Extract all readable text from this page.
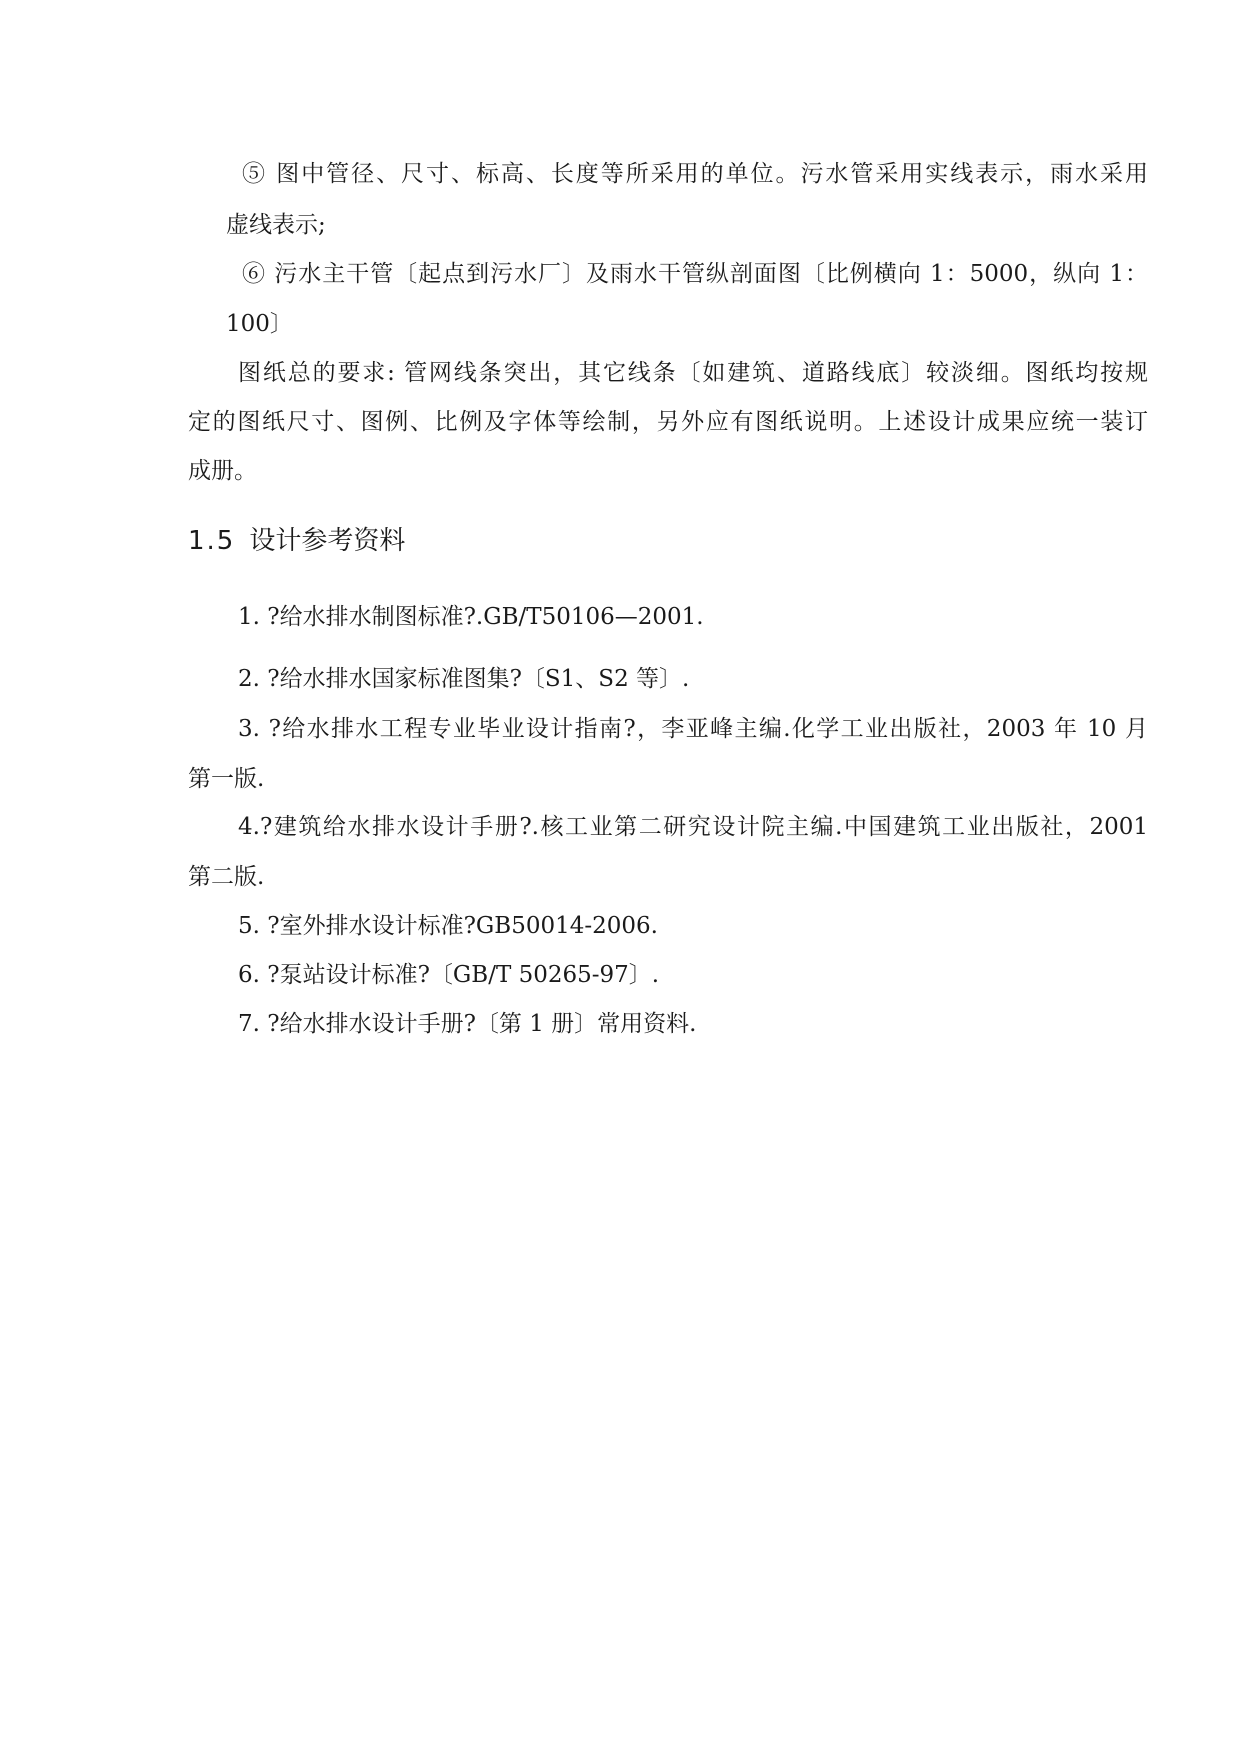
⑤ 图中管径、尺寸、标高、长度等所采用的单位。污水管采用实线表示，雨水采用
虚线表示;
⑥ 污水主干管〔起点到污水厂〕及雨水干管纵剖面图〔比例横向 1：5000，纵向 1：
100〕
图纸总的要求: 管网线条突出，其它线条〔如建筑、道路线底〕较淡细。图纸均按规
定的图纸尺寸、图例、比例及字体等绘制，另外应有图纸说明。上述设计成果应统一装订
成册。
1.5 设计参考资料
1. ?给水排水制图标准?.GB/T50106—2001.
2. ?给水排水国家标准图集?〔S1、S2 等〕.
3. ?给水排水工程专业毕业设计指南?，李亚峰主编.化学工业出版社，2003 年 10 月
第一版.
4.?建筑给水排水设计手册?.核工业第二研究设计院主编.中国建筑工业出版社，2001
第二版.
5. ?室外排水设计标准?GB50014-2006.
6. ?泵站设计标准?〔GB/T 50265-97〕.
7. ?给水排水设计手册?〔第 1 册〕常用资料.
